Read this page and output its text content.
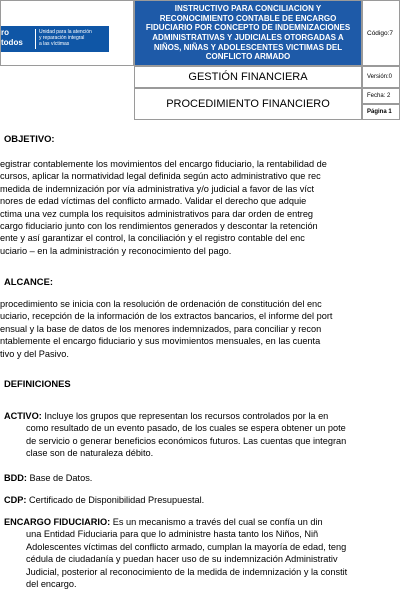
ro
todos
Unidad para la atención
y reparación integral
a las víctimas
INSTRUCTIVO PARA CONCILIACION Y RECONOCIMIENTO CONTABLE DE ENCARGO FIDUCIARIO POR CONCEPTO DE INDEMNIZACIONES ADMINISTRATIVAS Y JUDICIALES OTORGADAS A NIÑOS, NIÑAS Y ADOLESCENTES VICTIMAS DEL CONFLICTO ARMADO
Código:7
GESTIÓN FINANCIERA	Versión:0
PROCEDIMIENTO FINANCIERO
Fecha: 2
Página 1
OBJETIVO:
egistrar contablemente los movimientos del encargo fiduciario, la rentabilidad de
cursos, aplicar la normatividad legal definida según acto administrativo que rec
medida de indemnización por vía administrativa y/o judicial a favor de las víct
nores de edad víctimas del conflicto armado. Validar el derecho que adquie
ctima una vez cumpla los requisitos administrativos para dar orden de entreg
cargo fiduciario junto con los rendimientos generados y descontar la retención
ente y así garantizar el control, la conciliación y el registro contable del enc
uciario – en la administración y reconocimiento del pago.
ALCANCE:
procedimiento se inicia con la resolución de ordenación de constitución del enc
uciario, recepción de la información de los extractos bancarios, el informe del port
ensual y la base de datos de los menores indemnizados, para conciliar y recon
ntablemente el encargo fiduciario y sus movimientos mensuales, en las cuenta
tivo y del Pasivo.
DEFINICIONES
ACTIVO: Incluye los grupos que representan los recursos controlados por la en
como resultado de un evento pasado, de los cuales se espera obtener un pote
de servicio o generar beneficios económicos futuros. Las cuentas que integran
clase son de naturaleza débito.
BDD: Base de Datos.
CDP: Certificado de Disponibilidad Presupuestal.
ENCARGO FIDUCIARIO: Es un mecanismo a través del cual se confía un din
una Entidad Fiduciaria para que lo administre hasta tanto los Niños, Niñ
Adolescentes víctimas del conflicto armado, cumplan la mayoría de edad, teng
cédula de ciudadanía y puedan hacer uso de su indemnización Administrativ
Judicial, posterior al reconocimiento de la medida de indemnización y la constit
del encargo.
